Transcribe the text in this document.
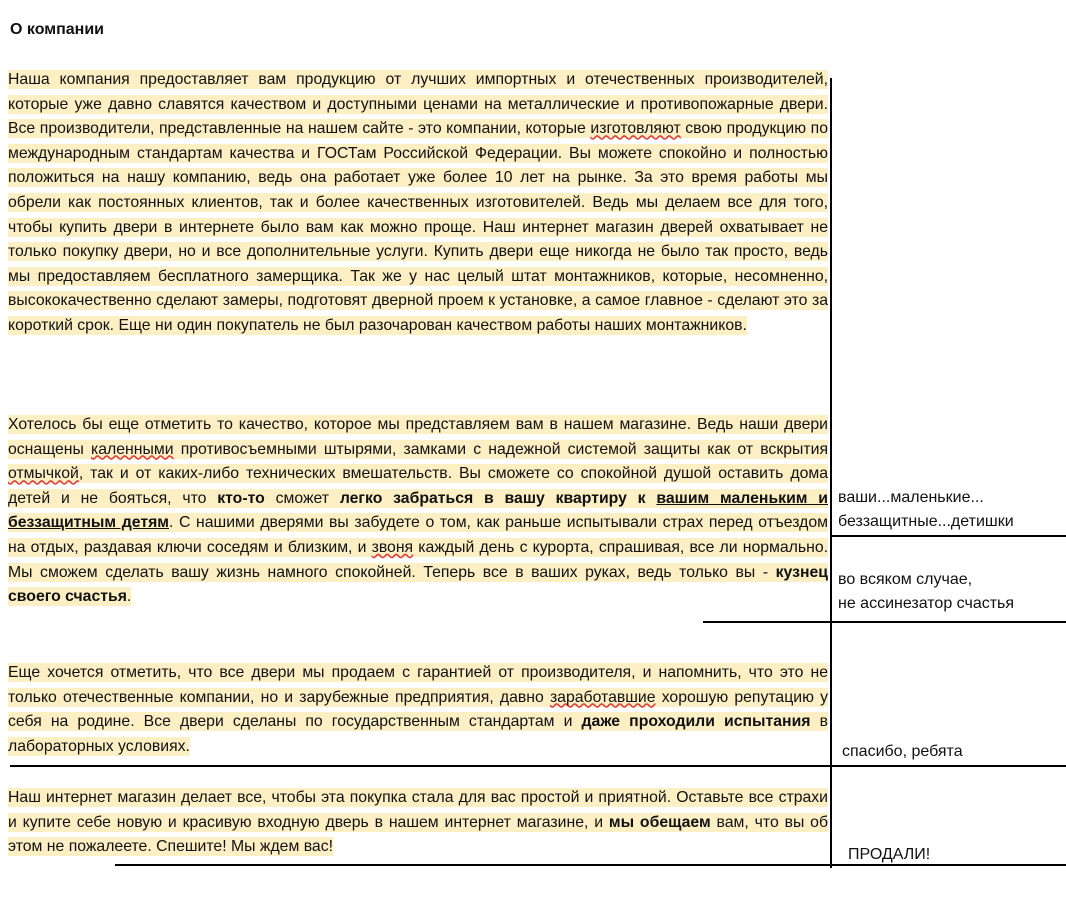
О компании
Наша компания предоставляет вам продукцию от лучших импортных и отечественных производителей, которые уже давно славятся качеством и доступными ценами на металлические и противопожарные двери. Все производители, представленные на нашем сайте - это компании, которые изготовляют свою продукцию по международным стандартам качества и ГОСТам Российской Федерации. Вы можете спокойно и полностью положиться на нашу компанию, ведь она работает уже более 10 лет на рынке. За это время работы мы обрели как постоянных клиентов, так и более качественных изготовителей. Ведь мы делаем все для того, чтобы купить двери в интернете было вам как можно проще. Наш интернет магазин дверей охватывает не только покупку двери, но и все дополнительные услуги. Купить двери еще никогда не было так просто, ведь мы предоставляем бесплатного замерщика. Так же у нас целый штат монтажников, которые, несомненно, высококачественно сделают замеры, подготовят дверной проем к установке, а самое главное - сделают это за короткий срок. Еще ни один покупатель не был разочарован качеством работы наших монтажников.
Хотелось бы еще отметить то качество, которое мы представляем вам в нашем магазине. Ведь наши двери оснащены каленными противосъемными штырями, замками с надежной системой защиты как от вскрытия отмычкой, так и от каких-либо технических вмешательств. Вы сможете со спокойной душой оставить дома детей и не бояться, что кто-то сможет легко забраться в вашу квартиру к вашим маленьким и беззащитным детям. С нашими дверями вы забудете о том, как раньше испытывали страх перед отъездом на отдых, раздавая ключи соседям и близким, и звоня каждый день с курорта, спрашивая, все ли нормально. Мы сможем сделать вашу жизнь намного спокойней. Теперь все в ваших руках, ведь только вы - кузнец своего счастья.
Еще хочется отметить, что все двери мы продаем с гарантией от производителя, и напомнить, что это не только отечественные компании, но и зарубежные предприятия, давно заработавшие хорошую репутацию у себя на родине. Все двери сделаны по государственным стандартам и даже проходили испытания в лабораторных условиях.
Наш интернет магазин делает все, чтобы эта покупка стала для вас простой и приятной. Оставьте все страхи и купите себе новую и красивую входную дверь в нашем интернет магазине, и мы обещаем вам, что вы об этом не пожалеете. Спешите! Мы ждем вас!
ваши...маленькие...
беззащитные...детишки
во всяком случае,
не ассинезатор счастья
спасибо, ребята
ПРОДАЛИ!
